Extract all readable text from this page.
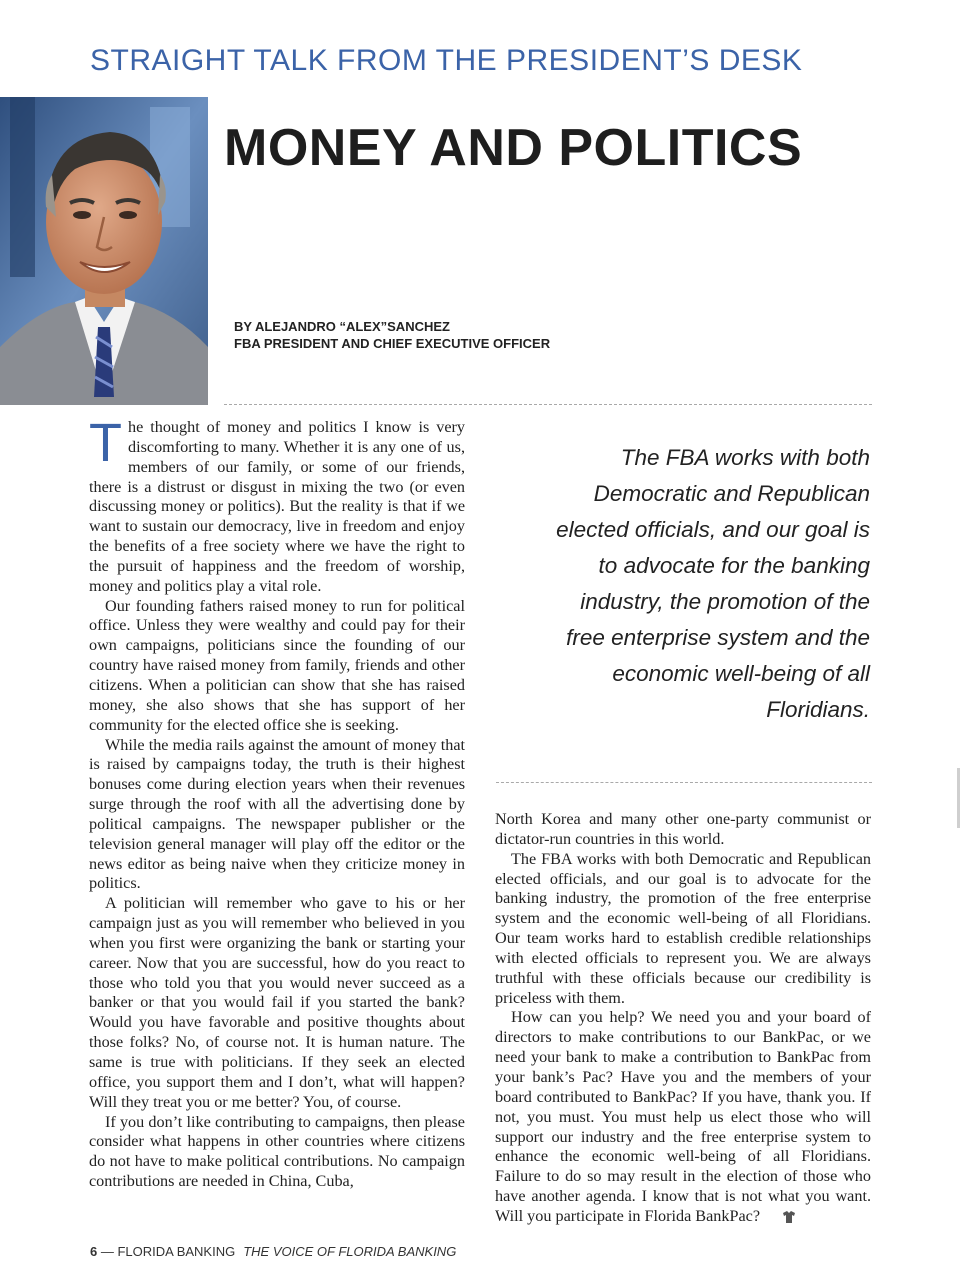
STRAIGHT TALK FROM THE PRESIDENT’S DESK
MONEY AND POLITICS
BY ALEJANDRO “ALEX”SANCHEZ
FBA PRESIDENT AND CHIEF EXECUTIVE OFFICER

The thought of money and politics I know is very discomforting to many. Whether it is any one of us, members of our family, or some of our friends, there is a distrust or disgust in mixing the two (or even discussing money or politics). But the reality is that if we want to sustain our democracy, live in freedom and enjoy the benefits of a free society where we have the right to the pursuit of happiness and the freedom of worship, money and politics play a vital role.

Our founding fathers raised money to run for political office. Unless they were wealthy and could pay for their own campaigns, politicians since the founding of our country have raised money from family, friends and other citizens. When a politician can show that she has raised money, she also shows that she has support of her community for the elected office she is seeking.

While the media rails against the amount of money that is raised by campaigns today, the truth is their highest bonuses come during election years when their revenues surge through the roof with all the advertising done by political campaigns. The newspaper publisher or the television general manager will play off the editor or the news editor as being naive when they criticize money in politics.

A politician will remember who gave to his or her campaign just as you will remember who believed in you when you first were organizing the bank or starting your career. Now that you are successful, how do you react to those who told you that you would never succeed as a banker or that you would fail if you started the bank? Would you have favorable and positive thoughts about those folks? No, of course not. It is human nature. The same is true with politicians. If they seek an elected office, you support them and I don’t, what will happen? Will they treat you or me better? You, of course.

If you don’t like contributing to campaigns, then please consider what happens in other countries where citizens do not have to make political contributions. No campaign contributions are needed in China, Cuba,

The FBA works with both Democratic and Republican elected officials, and our goal is to advocate for the banking industry, the promotion of the free enterprise system and the economic well-being of all Floridians.

North Korea and many other one-party communist or dictator-run countries in this world.

The FBA works with both Democratic and Republican elected officials, and our goal is to advocate for the banking industry, the promotion of the free enterprise system and the economic well-being of all Floridians. Our team works hard to establish credible relationships with elected officials to represent you. We are always truthful with these officials because our credibility is priceless with them.

How can you help? We need you and your board of directors to make contributions to our BankPac, or we need your bank to make a contribution to BankPac from your bank’s Pac? Have you and the members of your board contributed to BankPac? If you have, thank you. If not, you must. You must help us elect those who will support our industry and the free enterprise system to enhance the economic well-being of all Floridians. Failure to do so may result in the election of those who have another agenda. I know that is not what you want. Will you participate in Florida BankPac?

6 — FLORIDA BANKING THE VOICE OF FLORIDA BANKING
